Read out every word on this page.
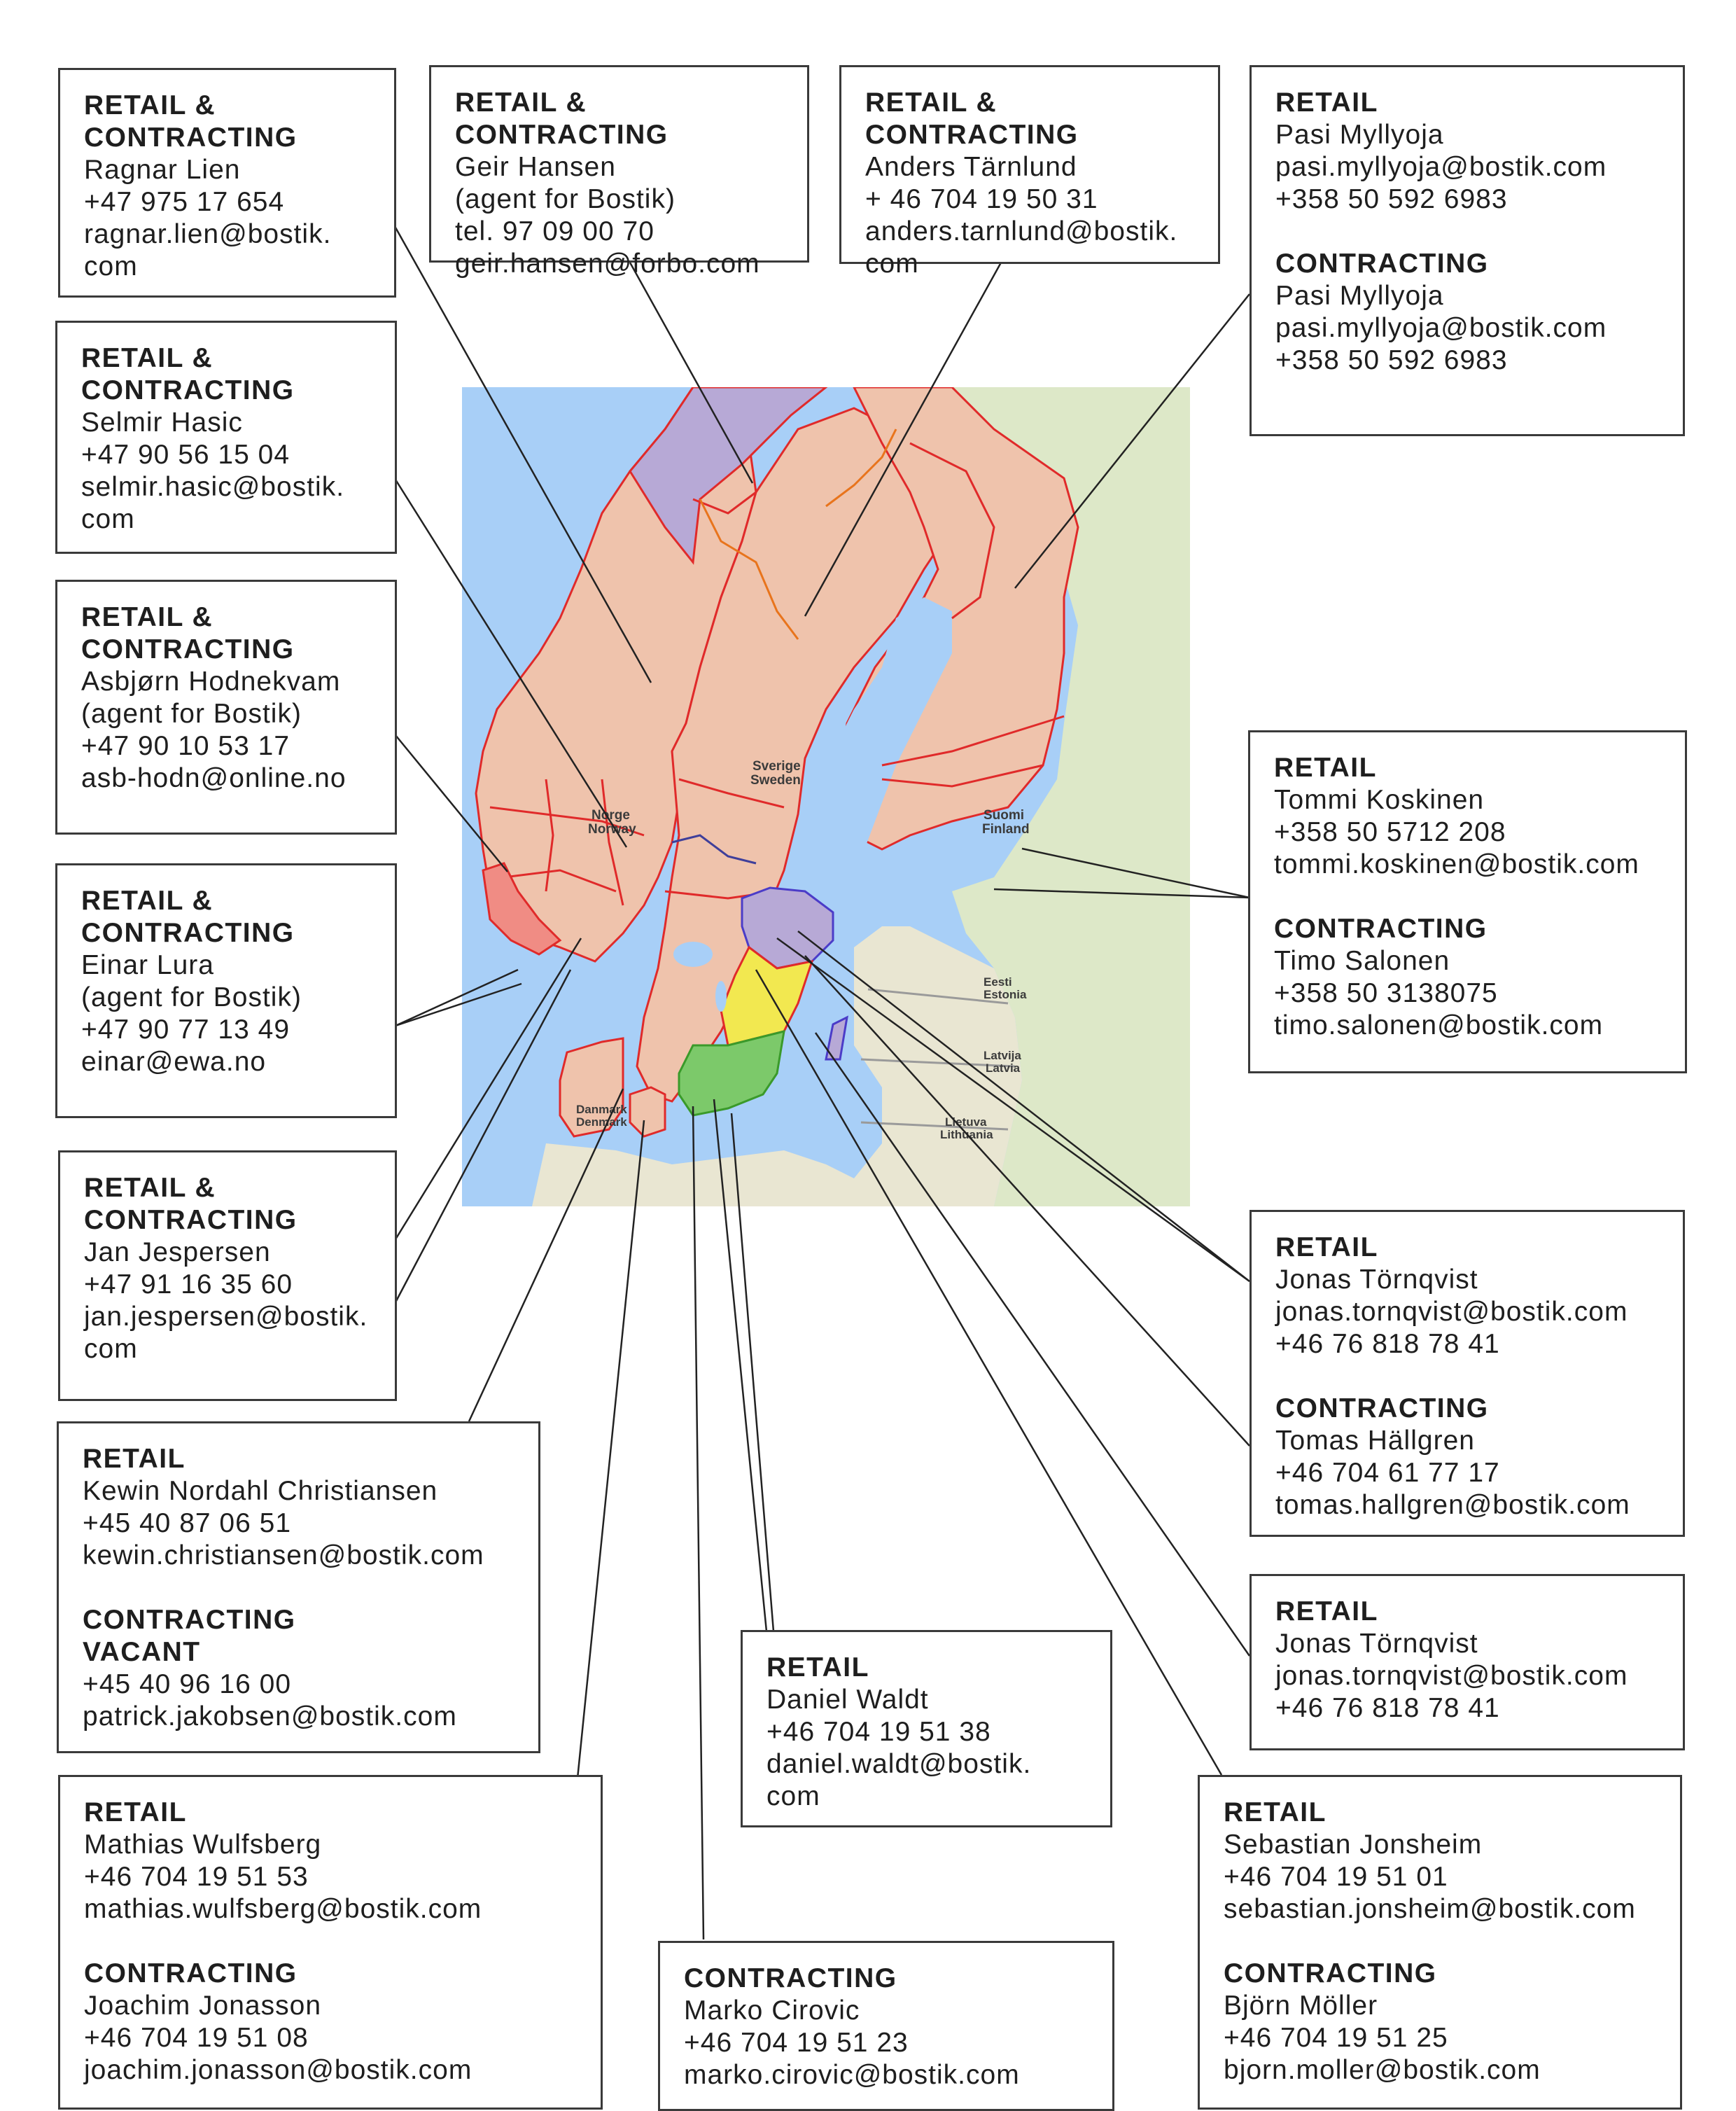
Norge
Norway
Sverige
Sweden
Suomi
Finland
Danmark
Denmark
Eesti
Estonia
Latvija
Latvia
Lietuva
Lithuania
RETAIL &
CONTRACTING
Ragnar Lien
+47 975 17 654
ragnar.lien@bostik.
com
RETAIL & CONTRACTING
Geir Hansen
(agent for Bostik)
tel. 97 09 00 70
geir.hansen@forbo.com
RETAIL & CONTRACTING
Anders Tärnlund
+ 46 704 19 50 31
anders.tarnlund@bostik.
com
RETAIL
Pasi Myllyoja
pasi.myllyoja@bostik.com
+358 50 592 6983
CONTRACTING
Pasi Myllyoja
pasi.myllyoja@bostik.com
+358 50 592 6983
RETAIL &
CONTRACTING
Selmir Hasic
+47 90 56 15 04
selmir.hasic@bostik.
com
RETAIL &
CONTRACTING
Asbjørn Hodnekvam
(agent for Bostik)
+47 90 10 53 17
asb-hodn@online.no
RETAIL &
CONTRACTING
Einar Lura
(agent for Bostik)
+47 90 77 13 49
einar@ewa.no
RETAIL
Tommi Koskinen
+358 50 5712 208
tommi.koskinen@bostik.com
CONTRACTING
Timo Salonen
+358 50 3138075
timo.salonen@bostik.com
RETAIL &
CONTRACTING
Jan Jespersen
+47 91 16 35 60
jan.jespersen@bostik.
com
RETAIL
Jonas Törnqvist
jonas.tornqvist@bostik.com
+46 76 818 78 41
CONTRACTING
Tomas Hällgren
+46 704 61 77 17
tomas.hallgren@bostik.com
RETAIL
Kewin Nordahl Christiansen
+45 40 87 06 51
kewin.christiansen@bostik.com
CONTRACTING
VACANT
+45 40 96 16 00
patrick.jakobsen@bostik.com
RETAIL
Jonas Törnqvist
jonas.tornqvist@bostik.com
+46 76 818 78 41
RETAIL
Daniel Waldt
+46 704 19 51 38
daniel.waldt@bostik.
com
RETAIL
Mathias Wulfsberg
+46 704 19 51 53
mathias.wulfsberg@bostik.com
CONTRACTING
Joachim Jonasson
+46 704 19 51 08
joachim.jonasson@bostik.com
CONTRACTING
Marko Cirovic
+46 704 19 51 23
marko.cirovic@bostik.com
RETAIL
Sebastian Jonsheim
+46 704 19 51 01
sebastian.jonsheim@bostik.com
CONTRACTING
Björn Möller
+46 704 19 51 25
bjorn.moller@bostik.com
